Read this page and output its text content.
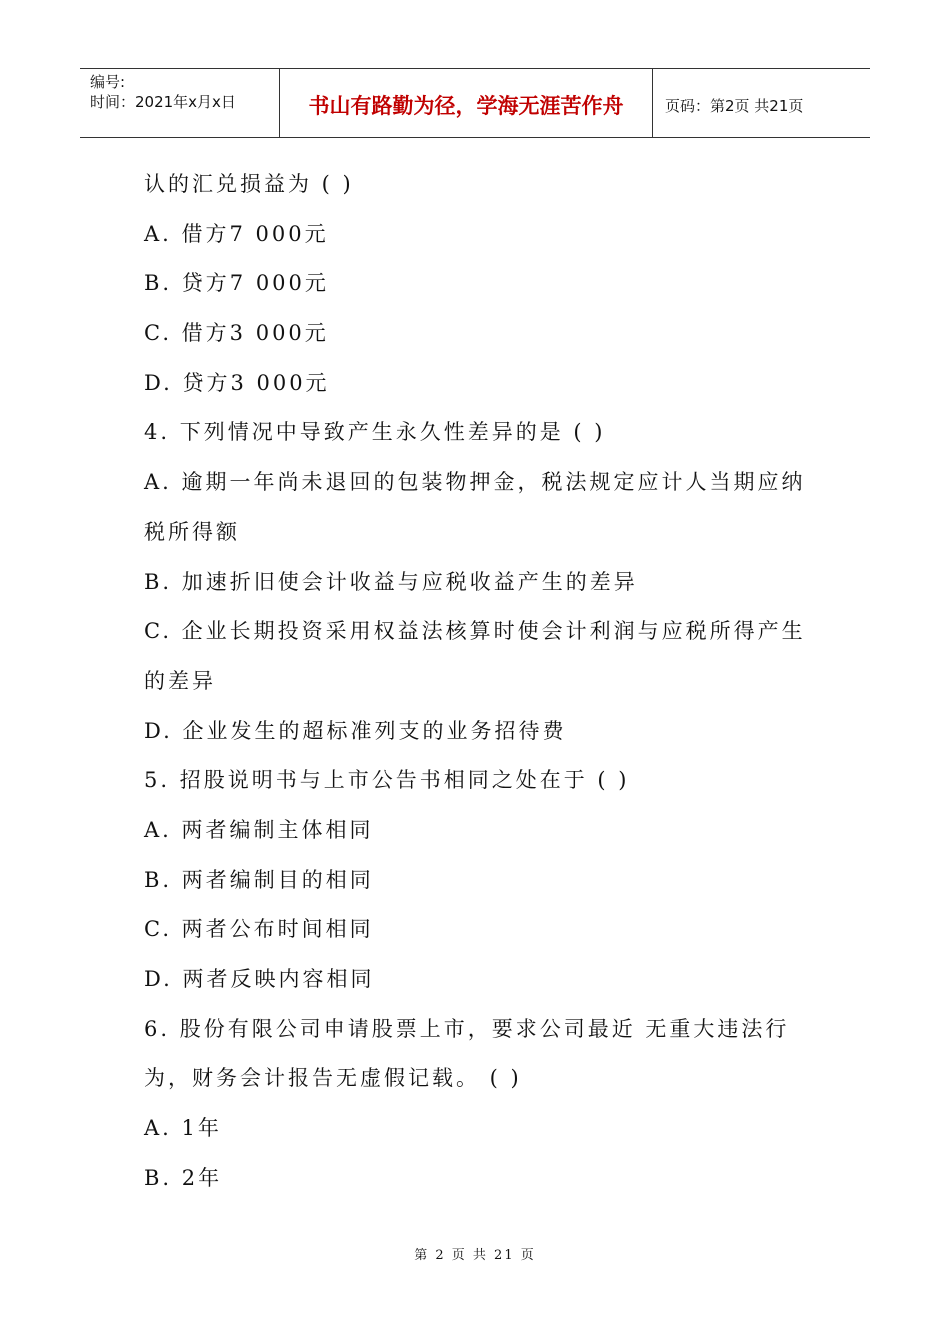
编号:
时间：2021年x月x日	书山有路勤为径，学海无涯苦作舟	页码：第2页 共21页
认的汇兑损益为 ( )
A. 借方7 000元
B. 贷方7 000元
C. 借方3 000元
D. 贷方3 000元
4. 下列情况中导致产生永久性差异的是 ( )
A. 逾期一年尚未退回的包装物押金，税法规定应计人当期应纳
税所得额
B. 加速折旧使会计收益与应税收益产生的差异
C. 企业长期投资采用权益法核算时使会计利润与应税所得产生
的差异
D. 企业发生的超标准列支的业务招待费
5. 招股说明书与上市公告书相同之处在于 ( )
A. 两者编制主体相同
B. 两者编制目的相同
C. 两者公布时间相同
D. 两者反映内容相同
6. 股份有限公司申请股票上市，要求公司最近 无重大违法行
为，财务会计报告无虚假记载。 ( )
A. 1年
B. 2年
第 2 页 共 21 页
